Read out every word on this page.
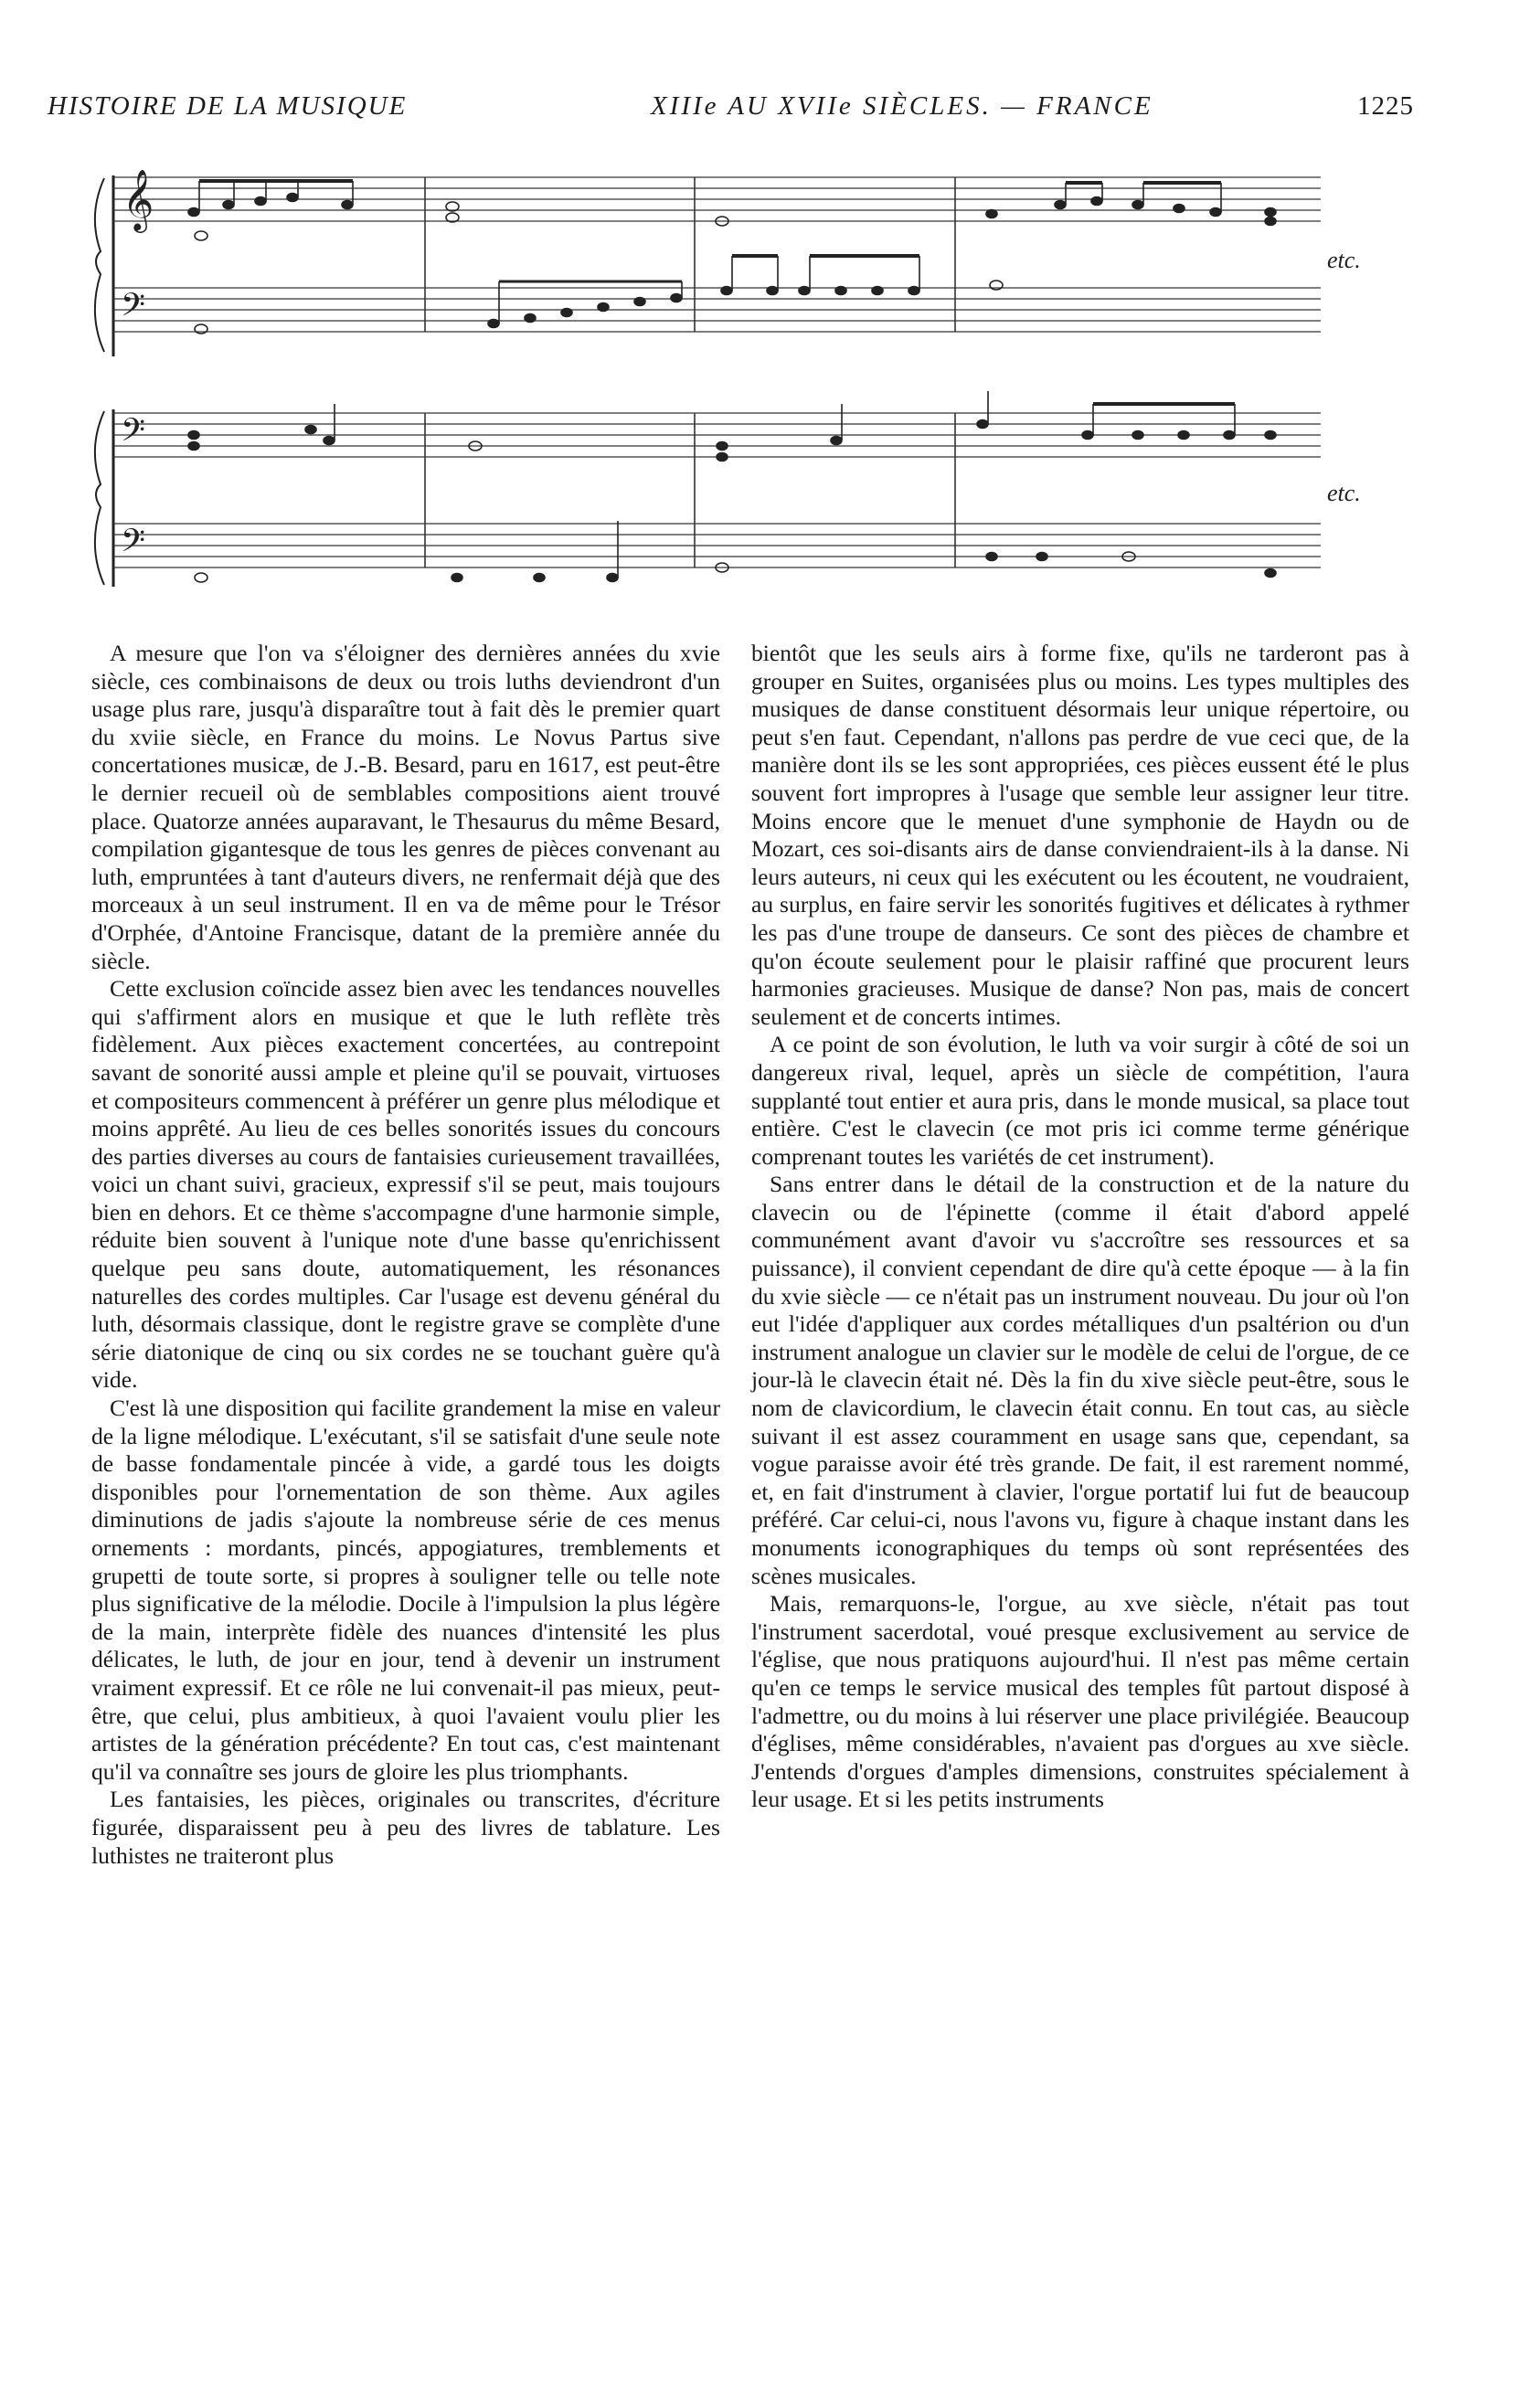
HISTOIRE DE LA MUSIQUE	XIIIe AU XVIIe SIÈCLES. — FRANCE	1225
𝄞
𝄢
𝄢
𝄢
etc.
etc.

A mesure que l'on va s'éloigner des dernières années du xvie siècle, ces combinaisons de deux ou trois luths deviendront d'un usage plus rare, jusqu'à disparaître tout à fait dès le premier quart du xviie siècle, en France du moins. Le Novus Partus sive concertationes musicæ, de J.-B. Besard, paru en 1617, est peut-être le dernier recueil où de semblables compositions aient trouvé place. Quatorze années auparavant, le Thesaurus du même Besard, compilation gigantesque de tous les genres de pièces convenant au luth, empruntées à tant d'auteurs divers, ne renfermait déjà que des morceaux à un seul instrument. Il en va de même pour le Trésor d'Orphée, d'Antoine Francisque, datant de la première année du siècle.

Cette exclusion coïncide assez bien avec les tendances nouvelles qui s'affirment alors en musique et que le luth reflète très fidèlement. Aux pièces exactement concertées, au contrepoint savant de sonorité aussi ample et pleine qu'il se pouvait, virtuoses et compositeurs commencent à préférer un genre plus mélodique et moins apprêté. Au lieu de ces belles sonorités issues du concours des parties diverses au cours de fantaisies curieusement travaillées, voici un chant suivi, gracieux, expressif s'il se peut, mais toujours bien en dehors. Et ce thème s'accompagne d'une harmonie simple, réduite bien souvent à l'unique note d'une basse qu'enrichissent quelque peu sans doute, automatiquement, les résonances naturelles des cordes multiples. Car l'usage est devenu général du luth, désormais classique, dont le registre grave se complète d'une série diatonique de cinq ou six cordes ne se touchant guère qu'à vide.

C'est là une disposition qui facilite grandement la mise en valeur de la ligne mélodique. L'exécutant, s'il se satisfait d'une seule note de basse fondamentale pincée à vide, a gardé tous les doigts disponibles pour l'ornementation de son thème. Aux agiles diminutions de jadis s'ajoute la nombreuse série de ces menus ornements : mordants, pincés, appogiatures, tremblements et grupetti de toute sorte, si propres à souligner telle ou telle note plus significative de la mélodie. Docile à l'impulsion la plus légère de la main, interprète fidèle des nuances d'intensité les plus délicates, le luth, de jour en jour, tend à devenir un instrument vraiment expressif. Et ce rôle ne lui convenait-il pas mieux, peut-être, que celui, plus ambitieux, à quoi l'avaient voulu plier les artistes de la génération précédente? En tout cas, c'est maintenant qu'il va connaître ses jours de gloire les plus triomphants.

Les fantaisies, les pièces, originales ou transcrites, d'écriture figurée, disparaissent peu à peu des livres de tablature. Les luthistes ne traiteront plus

bientôt que les seuls airs à forme fixe, qu'ils ne tarderont pas à grouper en Suites, organisées plus ou moins. Les types multiples des musiques de danse constituent désormais leur unique répertoire, ou peut s'en faut. Cependant, n'allons pas perdre de vue ceci que, de la manière dont ils se les sont appropriées, ces pièces eussent été le plus souvent fort impropres à l'usage que semble leur assigner leur titre. Moins encore que le menuet d'une symphonie de Haydn ou de Mozart, ces soi-disants airs de danse conviendraient-ils à la danse. Ni leurs auteurs, ni ceux qui les exécutent ou les écoutent, ne voudraient, au surplus, en faire servir les sonorités fugitives et délicates à rythmer les pas d'une troupe de danseurs. Ce sont des pièces de chambre et qu'on écoute seulement pour le plaisir raffiné que procurent leurs harmonies gracieuses. Musique de danse? Non pas, mais de concert seulement et de concerts intimes.

A ce point de son évolution, le luth va voir surgir à côté de soi un dangereux rival, lequel, après un siècle de compétition, l'aura supplanté tout entier et aura pris, dans le monde musical, sa place tout entière. C'est le clavecin (ce mot pris ici comme terme générique comprenant toutes les variétés de cet instrument).

Sans entrer dans le détail de la construction et de la nature du clavecin ou de l'épinette (comme il était d'abord appelé communément avant d'avoir vu s'accroître ses ressources et sa puissance), il convient cependant de dire qu'à cette époque — à la fin du xvie siècle — ce n'était pas un instrument nouveau. Du jour où l'on eut l'idée d'appliquer aux cordes métalliques d'un psaltérion ou d'un instrument analogue un clavier sur le modèle de celui de l'orgue, de ce jour-là le clavecin était né. Dès la fin du xive siècle peut-être, sous le nom de clavicordium, le clavecin était connu. En tout cas, au siècle suivant il est assez couramment en usage sans que, cependant, sa vogue paraisse avoir été très grande. De fait, il est rarement nommé, et, en fait d'instrument à clavier, l'orgue portatif lui fut de beaucoup préféré. Car celui-ci, nous l'avons vu, figure à chaque instant dans les monuments iconographiques du temps où sont représentées des scènes musicales.

Mais, remarquons-le, l'orgue, au xve siècle, n'était pas tout l'instrument sacerdotal, voué presque exclusivement au service de l'église, que nous pratiquons aujourd'hui. Il n'est pas même certain qu'en ce temps le service musical des temples fût partout disposé à l'admettre, ou du moins à lui réserver une place privilégiée. Beaucoup d'églises, même considérables, n'avaient pas d'orgues au xve siècle. J'entends d'orgues d'amples dimensions, construites spécialement à leur usage. Et si les petits instruments
